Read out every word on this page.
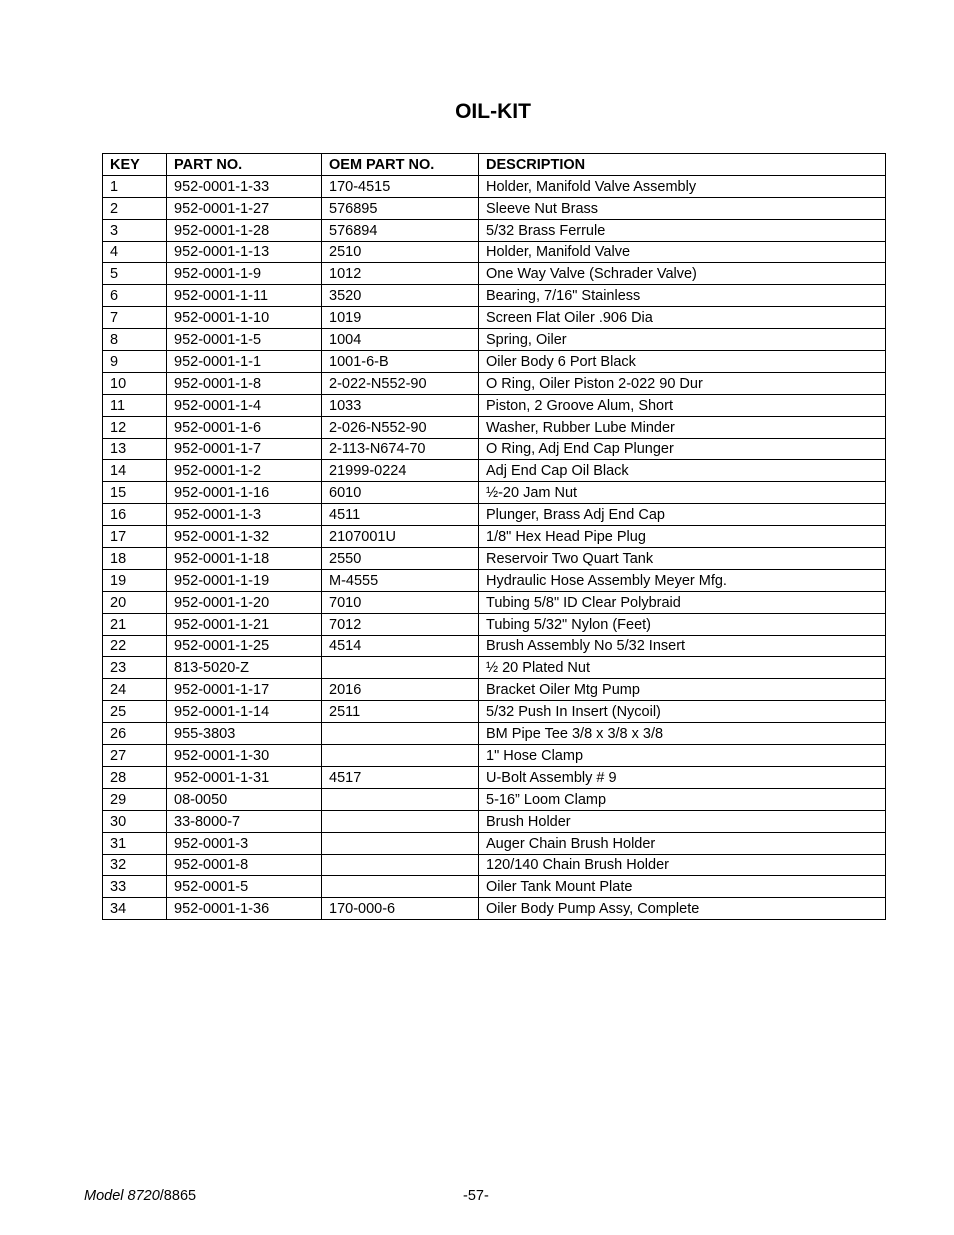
OIL-KIT
KEY	PART NO.	OEM PART NO.	DESCRIPTION
1	952-0001-1-33	170-4515	Holder, Manifold Valve Assembly
2	952-0001-1-27	576895	Sleeve Nut Brass
3	952-0001-1-28	576894	5/32 Brass Ferrule
4	952-0001-1-13	2510	Holder, Manifold Valve
5	952-0001-1-9	1012	One Way Valve (Schrader Valve)
6	952-0001-1-11	3520	Bearing, 7/16" Stainless
7	952-0001-1-10	1019	Screen Flat Oiler .906 Dia
8	952-0001-1-5	1004	Spring, Oiler
9	952-0001-1-1	1001-6-B	Oiler Body 6 Port Black
10	952-0001-1-8	2-022-N552-90	O Ring, Oiler Piston 2-022 90 Dur
11	952-0001-1-4	1033	Piston, 2 Groove Alum, Short
12	952-0001-1-6	2-026-N552-90	Washer, Rubber Lube Minder
13	952-0001-1-7	2-113-N674-70	O Ring, Adj End Cap Plunger
14	952-0001-1-2	21999-0224	Adj End Cap Oil Black
15	952-0001-1-16	6010	½-20 Jam Nut
16	952-0001-1-3	4511	Plunger, Brass Adj End Cap
17	952-0001-1-32	2107001U	1/8" Hex Head Pipe Plug
18	952-0001-1-18	2550	Reservoir Two Quart Tank
19	952-0001-1-19	M-4555	Hydraulic Hose Assembly Meyer Mfg.
20	952-0001-1-20	7010	Tubing 5/8" ID Clear Polybraid
21	952-0001-1-21	7012	Tubing 5/32" Nylon (Feet)
22	952-0001-1-25	4514	Brush Assembly No 5/32 Insert
23	813-5020-Z		½ 20 Plated Nut
24	952-0001-1-17	2016	Bracket Oiler Mtg Pump
25	952-0001-1-14	2511	5/32 Push In Insert (Nycoil)
26	955-3803		BM Pipe Tee 3/8 x 3/8 x 3/8
27	952-0001-1-30		1" Hose Clamp
28	952-0001-1-31	4517	U-Bolt Assembly # 9
29	08-0050		5-16” Loom Clamp
30	33-8000-7		Brush Holder
31	952-0001-3		Auger Chain Brush Holder
32	952-0001-8		120/140 Chain Brush Holder
33	952-0001-5		Oiler Tank Mount Plate
34	952-0001-1-36	170-000-6	Oiler Body Pump Assy, Complete
Model 8720/8865	-57-
